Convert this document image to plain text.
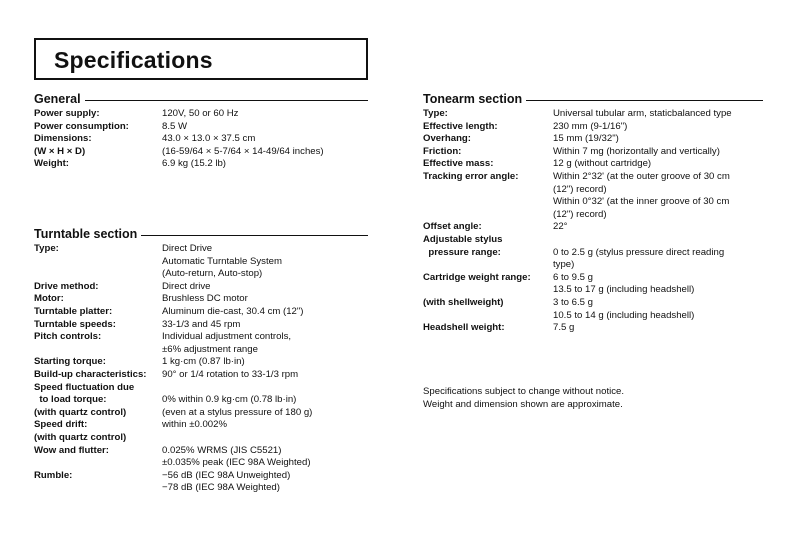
Specifications
General
Power supply:	120V, 50 or 60 Hz
Power consumption:	8.5 W
Dimensions:	43.0 × 13.0 × 37.5 cm
(W × H × D)	(16-59/64 × 5-7/64 × 14-49/64 inches)
Weight:	6.9 kg (15.2 lb)
Turntable section
Type:	Direct Drive
Automatic Turntable System
(Auto-return, Auto-stop)
Drive method:	Direct drive
Motor:	Brushless DC motor
Turntable platter:	Aluminum die-cast, 30.4 cm (12")
Turntable speeds:	33-1/3 and 45 rpm
Pitch controls:	Individual adjustment controls,
±6% adjustment range
Starting torque:	1 kg·cm (0.87 lb·in)
Build-up characteristics:	90° or 1/4 rotation to 33-1/3 rpm
Speed fluctuation due
to load torque:	0% within 0.9 kg·cm (0.78 lb·in)
(with quartz control)	(even at a stylus pressure of 180 g)
Speed drift:	within ±0.002%
(with quartz control)
Wow and flutter:	0.025% WRMS (JIS C5521)
±0.035% peak (IEC 98A Weighted)
Rumble:	−56 dB (IEC 98A Unweighted)
−78 dB (IEC 98A Weighted)
Tonearm section
Type:	Universal tubular arm, staticbalanced type
Effective length:	230 mm (9-1/16")
Overhang:	15 mm (19/32")
Friction:	Within 7 mg (horizontally and vertically)
Effective mass:	12 g (without cartridge)
Tracking error angle:	Within 2°32' (at the outer groove of 30 cm
(12") record)
Within 0°32' (at the inner groove of 30 cm
(12") record)
Offset angle:	22°
Adjustable stylus
pressure range:	0 to 2.5 g (stylus pressure direct reading
type)
Cartridge weight range:	6 to 9.5 g
13.5 to 17 g (including headshell)
(with shellweight)	3 to 6.5 g
10.5 to 14 g (including headshell)
Headshell weight:	7.5 g
Specifications subject to change without notice.
Weight and dimension shown are approximate.
